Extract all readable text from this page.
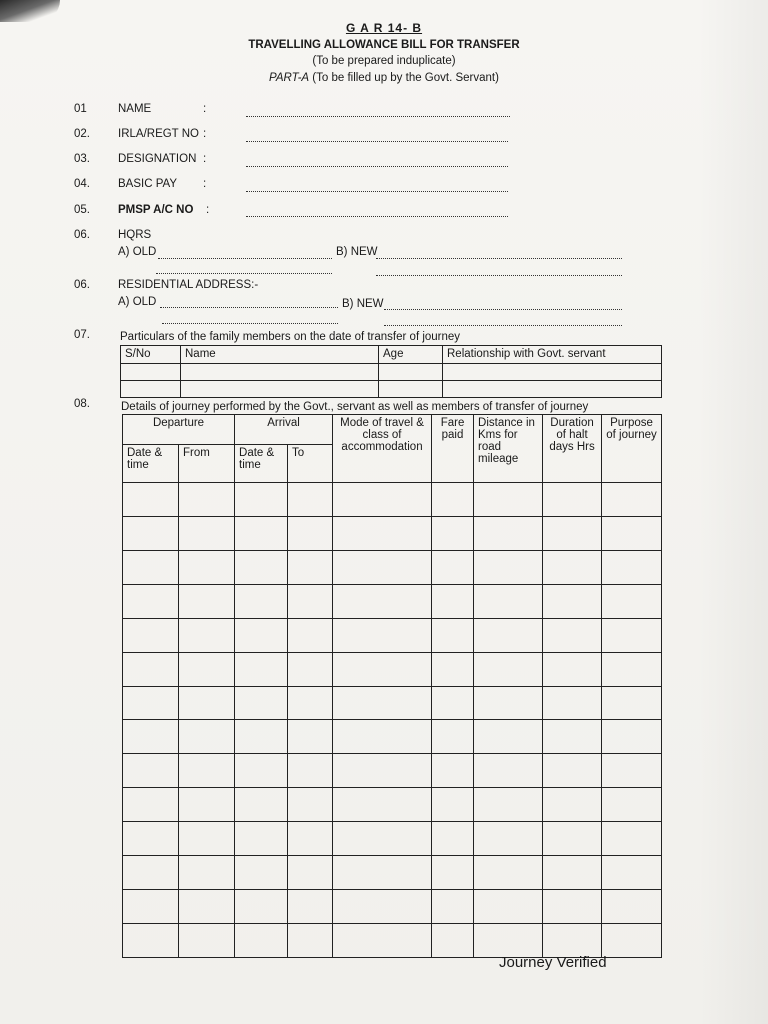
G A R 14- B
TRAVELLING ALLOWANCE BILL FOR TRANSFER
(To be prepared induplicate)
PART-A (To be filled up by the Govt. Servant)
01	NAME	:
02. IRLA/REGT NO :
03. DESIGNATION :
04. BASIC PAY :
05. PMSP A/C NO :
06. HQRS
A) OLD	B) NEW
06. RESIDENTIAL ADDRESS:-
A) OLD	B) NEW
07.	Particulars of the family members on the date of transfer of journey
S/No	Name	Age	Relationship with Govt. servant

08.	Details of journey performed by the Govt., servant as well as members of transfer of journey
Departure		Arrival		Mode of travel & class of accommodation	Fare paid	Distance in Kms for road mileage	Duration of halt days Hrs	Purpose of journey
Date & time	From	Date & time	To					

Journey Verified
